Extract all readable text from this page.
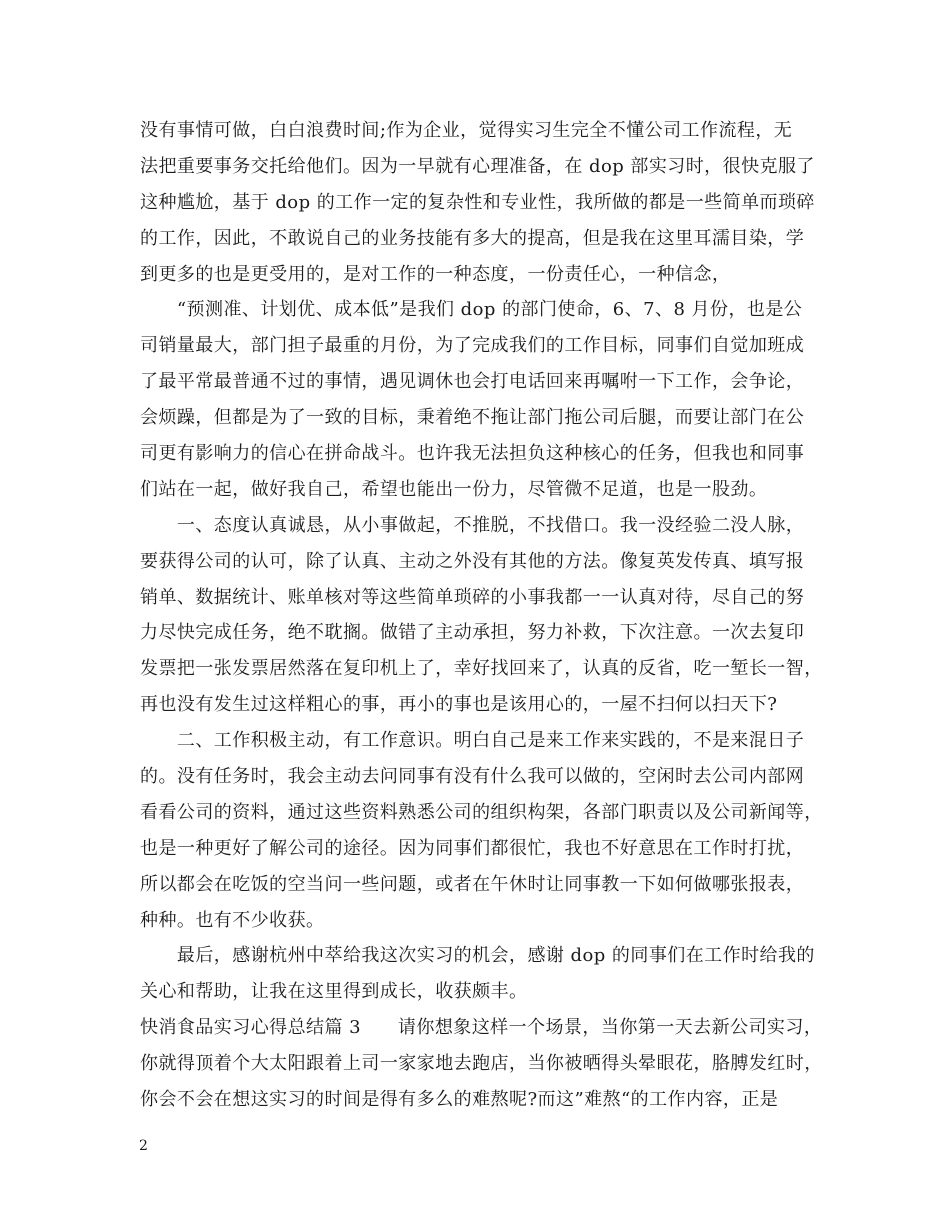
没有事情可做，白白浪费时间;作为企业，觉得实习生完全不懂公司工作流程，无
法把重要事务交托给他们。因为一早就有心理准备，在 dop 部实习时，很快克服了
这种尴尬，基于 dop 的工作一定的复杂性和专业性，我所做的都是一些简单而琐碎
的工作，因此，不敢说自己的业务技能有多大的提高，但是我在这里耳濡目染，学
到更多的也是更受用的，是对工作的一种态度，一份责任心，一种信念，
　　“预测准、计划优、成本低”是我们 dop 的部门使命，6、7、8 月份，也是公
司销量最大，部门担子最重的月份，为了完成我们的工作目标，同事们自觉加班成
了最平常最普通不过的事情，遇见调休也会打电话回来再嘱咐一下工作，会争论，
会烦躁，但都是为了一致的目标，秉着绝不拖让部门拖公司后腿，而要让部门在公
司更有影响力的信心在拼命战斗。也许我无法担负这种核心的任务，但我也和同事
们站在一起，做好我自己，希望也能出一份力，尽管微不足道，也是一股劲。
　　一、态度认真诚恳，从小事做起，不推脱，不找借口。我一没经验二没人脉，
要获得公司的认可，除了认真、主动之外没有其他的方法。像复英发传真、填写报
销单、数据统计、账单核对等这些简单琐碎的小事我都一一认真对待，尽自己的努
力尽快完成任务，绝不耽搁。做错了主动承担，努力补救，下次注意。一次去复印
发票把一张发票居然落在复印机上了，幸好找回来了，认真的反省，吃一堑长一智，
再也没有发生过这样粗心的事，再小的事也是该用心的，一屋不扫何以扫天下?
　　二、工作积极主动，有工作意识。明白自己是来工作来实践的，不是来混日子
的。没有任务时，我会主动去问同事有没有什么我可以做的，空闲时去公司内部网
看看公司的资料，通过这些资料熟悉公司的组织构架，各部门职责以及公司新闻等，
也是一种更好了解公司的途径。因为同事们都很忙，我也不好意思在工作时打扰，
所以都会在吃饭的空当问一些问题，或者在午休时让同事教一下如何做哪张报表，
种种。也有不少收获。
　　最后，感谢杭州中萃给我这次实习的机会，感谢 dop 的同事们在工作时给我的
关心和帮助，让我在这里得到成长，收获颇丰。
快消食品实习心得总结篇 3　　请你想象这样一个场景，当你第一天去新公司实习，
你就得顶着个大太阳跟着上司一家家地去跑店，当你被晒得头晕眼花，胳膊发红时，
你会不会在想这实习的时间是得有多么的难熬呢?而这”难熬“的工作内容，正是
2
